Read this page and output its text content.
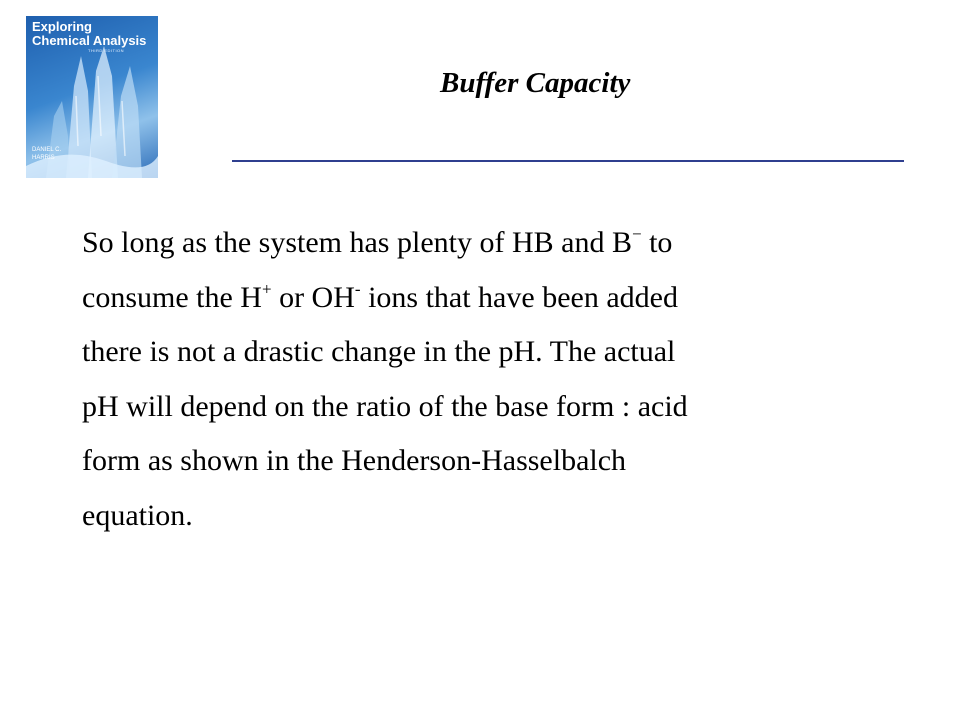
Exploring
Chemical Analysis
THIRD EDITION
DANIEL C.
HARRIS
Buffer Capacity
So long as the system has plenty of HB and B− to
consume the H+ or OH- ions that have been added
there is not a drastic change in the pH. The actual
pH will depend on the ratio of the base form : acid
form as shown in the Henderson-Hasselbalch
equation.
